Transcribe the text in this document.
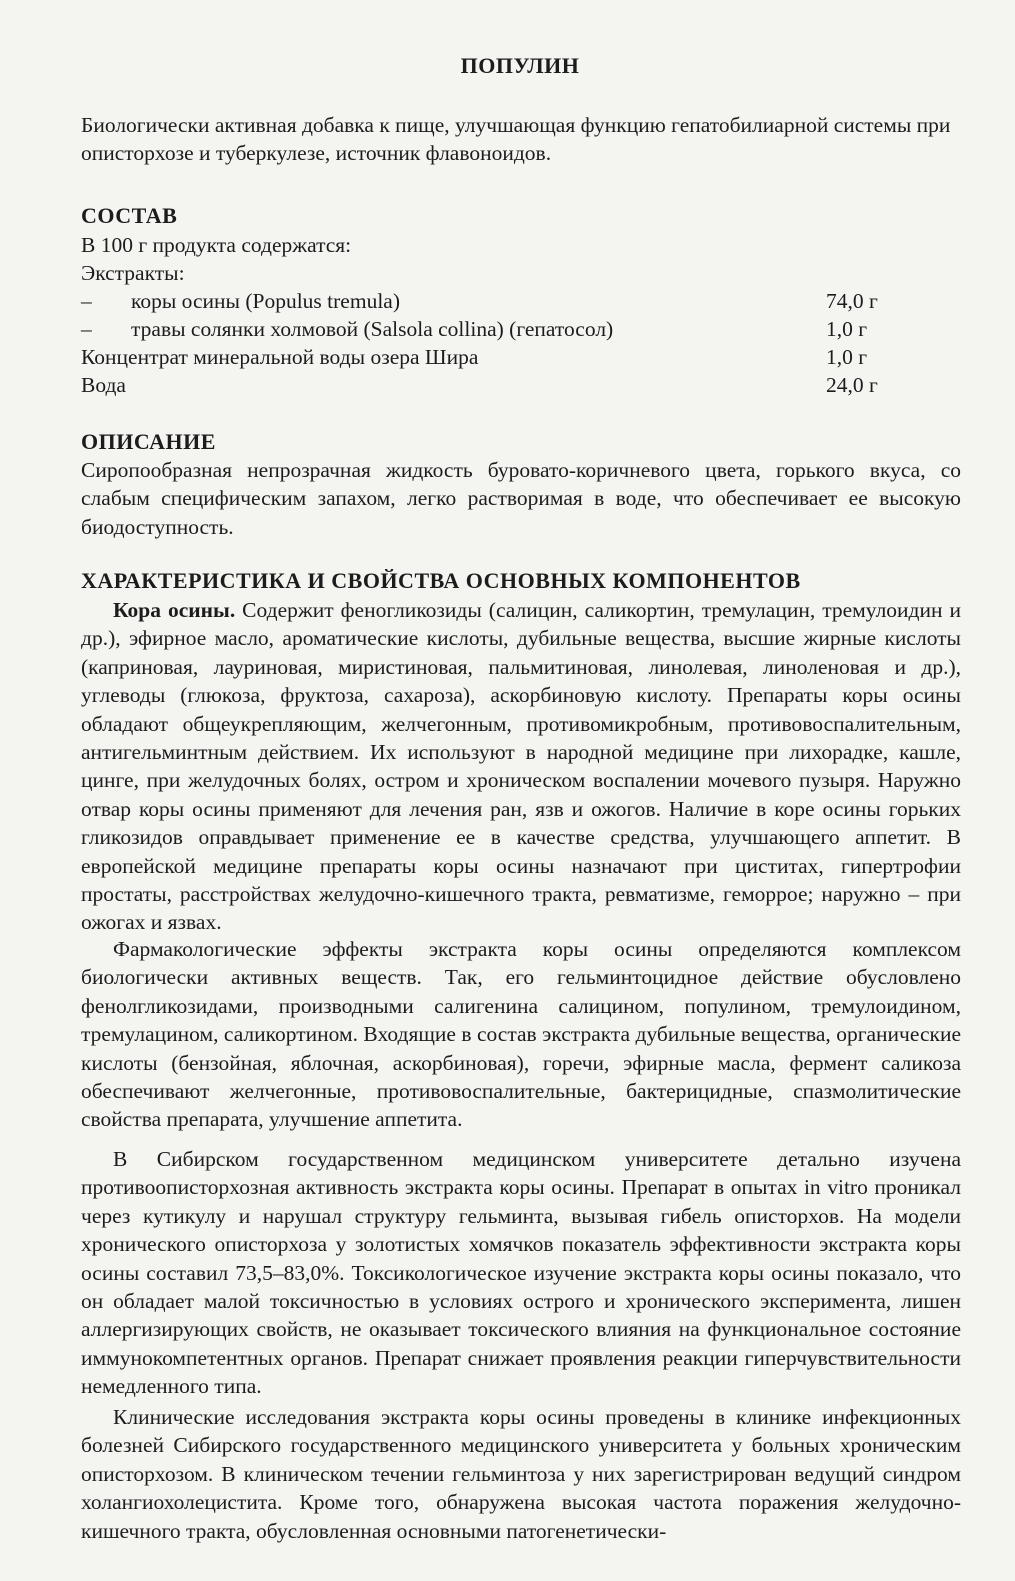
ПОПУЛИН
Биологически активная добавка к пище, улучшающая функцию гепатобилиарной системы при описторхозе и туберкулезе, источник флавоноидов.
СОСТАВ
В 100 г продукта содержатся:
Экстракты:
– коры осины (Populus tremula)	74,0 г
– травы солянки холмовой (Salsola collina) (гепатосол)	1,0 г
Концентрат минеральной воды озера Шира	1,0 г
Вода	24,0 г
ОПИСАНИЕ
Сиропообразная непрозрачная жидкость буровато-коричневого цвета, горького вкуса, со слабым специфическим запахом, легко растворимая в воде, что обеспечивает ее высокую биодоступность.
ХАРАКТЕРИСТИКА И СВОЙСТВА ОСНОВНЫХ КОМПОНЕНТОВ
Кора осины. Содержит феногликозиды (салицин, саликортин, тремулацин, тремулоидин и др.), эфирное масло, ароматические кислоты, дубильные вещества, высшие жирные кислоты (каприновая, лауриновая, миристиновая, пальмитиновая, линолевая, линоленовая и др.), углеводы (глюкоза, фруктоза, сахароза), аскорбиновую кислоту. Препараты коры осины обладают общеукрепляющим, желчегонным, противомикробным, противовоспалительным, антигельминтным действием. Их используют в народной медицине при лихорадке, кашле, цинге, при желудочных болях, остром и хроническом воспалении мочевого пузыря. Наружно отвар коры осины применяют для лечения ран, язв и ожогов. Наличие в коре осины горьких гликозидов оправдывает применение ее в качестве средства, улучшающего аппетит. В европейской медицине препараты коры осины назначают при циститах, гипертрофии простаты, расстройствах желудочно-кишечного тракта, ревматизме, геморрое; наружно – при ожогах и язвах.
Фармакологические эффекты экстракта коры осины определяются комплексом биологически активных веществ. Так, его гельминтоцидное действие обусловлено фенолгликозидами, производными салигенина салицином, популином, тремулоидином, тремулацином, саликортином. Входящие в состав экстракта дубильные вещества, органические кислоты (бензойная, яблочная, аскорбиновая), горечи, эфирные масла, фермент саликоза обеспечивают желчегонные, противовоспалительные, бактерицидные, спазмолитические свойства препарата, улучшение аппетита.
В Сибирском государственном медицинском университете детально изучена противоописторхозная активность экстракта коры осины. Препарат в опытах in vitro проникал через кутикулу и нарушал структуру гельминта, вызывая гибель описторхов. На модели хронического описторхоза у золотистых хомячков показатель эффективности экстракта коры осины составил 73,5–83,0%. Токсикологическое изучение экстракта коры осины показало, что он обладает малой токсичностью в условиях острого и хронического эксперимента, лишен аллергизирующих свойств, не оказывает токсического влияния на функциональное состояние иммунокомпетентных органов. Препарат снижает проявления реакции гиперчувствительности немедленного типа.
Клинические исследования экстракта коры осины проведены в клинике инфекционных болезней Сибирского государственного медицинского университета у больных хроническим описторхозом. В клиническом течении гельминтоза у них зарегистрирован ведущий синдром холангиохолецистита. Кроме того, обнаружена высокая частота поражения желудочно-кишечного тракта, обусловленная основными патогенетически-
